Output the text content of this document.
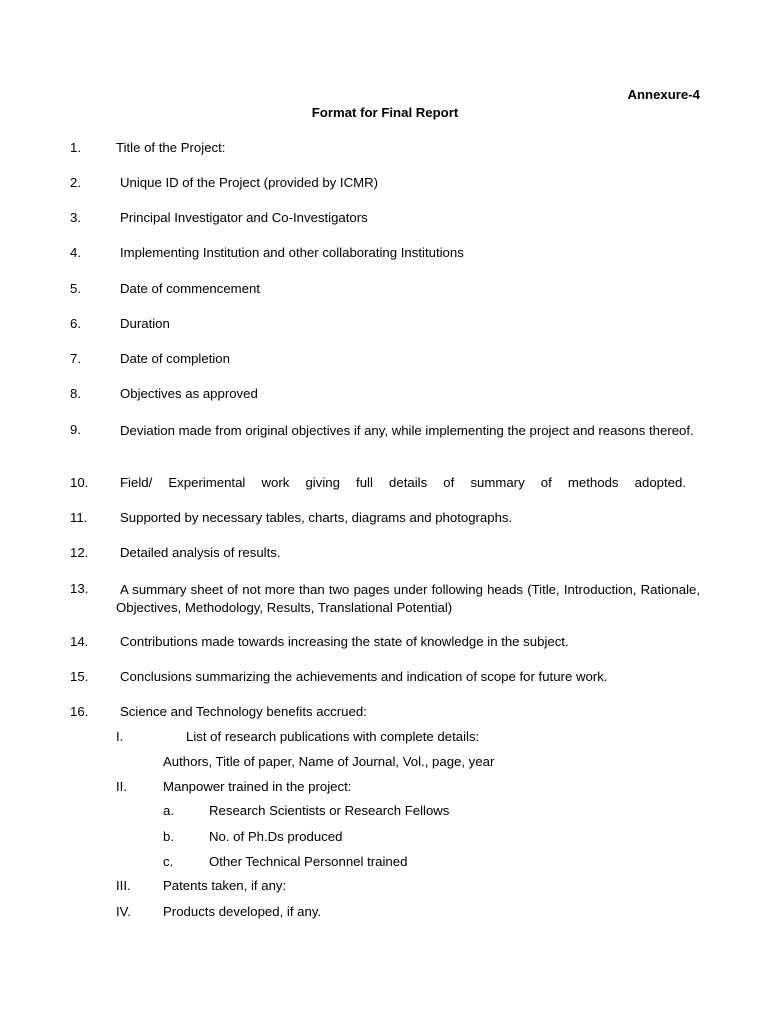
Annexure-4
Format for Final Report
1.	Title of the Project:
2.	Unique ID of the Project (provided by ICMR)
3.	Principal Investigator and Co-Investigators
4.	Implementing Institution and other collaborating Institutions
5.	Date of commencement
6.	Duration
7.	Date of completion
8.	Objectives as approved
9.	Deviation made from original objectives if any, while implementing the project and reasons thereof.
10. Field/ Experimental work giving full details of summary of methods adopted.
11. Supported by necessary tables, charts, diagrams and photographs.
12. Detailed analysis of results.
13.	A summary sheet of not more than two pages under following heads (Title, Introduction, Rationale, Objectives, Methodology, Results, Translational Potential)
14. Contributions made towards increasing the state of knowledge in the subject.
15. Conclusions summarizing the achievements and indication of scope for future work.
16. Science and Technology benefits accrued:
I.	List of research publications with complete details:
Authors, Title of paper, Name of Journal, Vol., page, year
II.	Manpower trained in the project:
a.	Research Scientists or Research Fellows
b.	No. of Ph.Ds produced
c.	Other Technical Personnel trained
III. Patents taken, if any:
IV. Products developed, if any.
